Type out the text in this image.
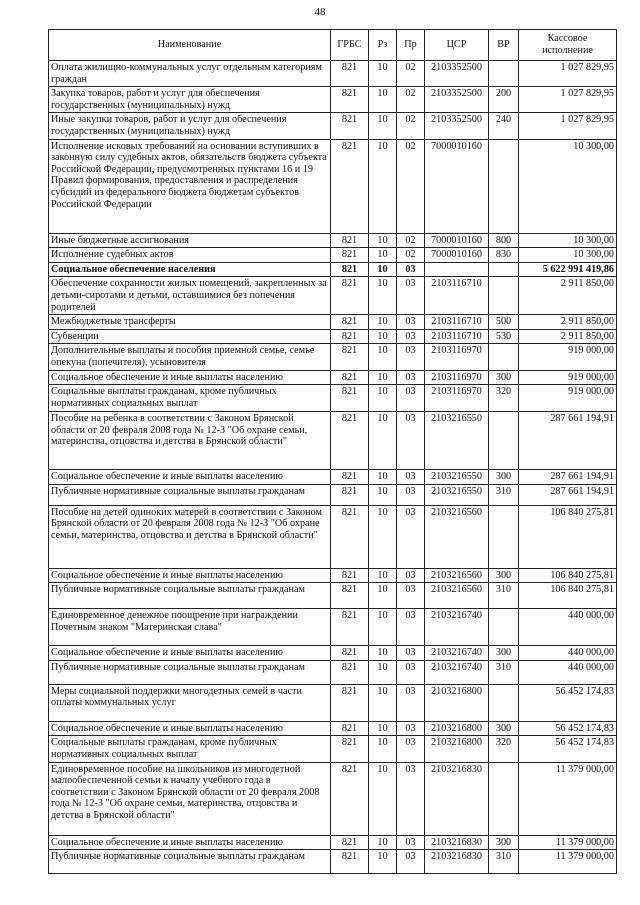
48
Наименование	ГРБС	Рз	Пр	ЦСР	ВР	Кассовое исполнение
Оплата жилищно-коммунальных услуг отдельным категориям граждан	821	10	02	2103352500		1 027 829,95
Закупка товаров, работ и услуг для обеспечения государственных (муниципальных) нужд	821	10	02	2103352500	200	1 027 829,95
Иные закупки товаров, работ и услуг для обеспечения государственных (муниципальных) нужд	821	10	02	2103352500	240	1 027 829,95
Исполнение исковых требований на основании вступивших в законную силу судебных актов, обязательств бюджета субъекта Российской Федерации, предусмотренных пунктами 16 и 19 Правил формирования, предоставления и распределения субсидий из федерального бюджета бюджетам субъектов Российской Федерации	821	10	02	7000010160		10 300,00
Иные бюджетные ассигнования	821	10	02	7000010160	800	10 300,00
Исполнение судебных актов	821	10	02	7000010160	830	10 300,00
Социальное обеспечение населения	821	10	03			5 622 991 419,86
Обеспечение сохранности жилых помещений, закрепленных за детьми-сиротами и детьми, оставшимися без попечения родителей	821	10	03	2103116710		2 911 850,00
Межбюджетные трансферты	821	10	03	2103116710	500	2 911 850,00
Субвенции	821	10	03	2103116710	530	2 911 850,00
Дополнительные выплаты и пособия приемной семье, семье опекуна (попечителя), усыновителя	821	10	03	2103116970		919 000,00
Социальное обеспечение и иные выплаты населению	821	10	03	2103116970	300	919 000,00
Социальные выплаты гражданам, кроме публичных нормативных социальных выплат	821	10	03	2103116970	320	919 000,00
Пособие на ребенка в соответствии с Законом Брянской области от 20 февраля 2008 года № 12-З "Об охране семьи, материнства, отцовства и детства в Брянской области"	821	10	03	2103216550		287 661 194,91
Социальное обеспечение и иные выплаты населению	821	10	03	2103216550	300	287 661 194,91
Публичные нормативные социальные выплаты гражданам	821	10	03	2103216550	310	287 661 194,91
Пособие на детей одиноких матерей в соответствии с Законом Брянской области от 20 февраля 2008 года № 12-З "Об охране семьи, материнства, отцовства и детства в Брянской области"	821	10	03	2103216560		106 840 275,81
Социальное обеспечение и иные выплаты населению	821	10	03	2103216560	300	106 840 275,81
Публичные нормативные социальные выплаты гражданам	821	10	03	2103216560	310	106 840 275,81
Единовременное денежное поощрение при награждении Почетным знаком "Материнская слава"	821	10	03	2103216740		440 000,00
Социальное обеспечение и иные выплаты населению	821	10	03	2103216740	300	440 000,00
Публичные нормативные социальные выплаты гражданам	821	10	03	2103216740	310	440 000,00
Меры социальной поддержки многодетных семей в части оплаты коммунальных услуг	821	10	03	2103216800		56 452 174,83
Социальное обеспечение и иные выплаты населению	821	10	03	2103216800	300	56 452 174,83
Социальные выплаты гражданам, кроме публичных нормативных социальных выплат	821	10	03	2103216800	320	56 452 174,83
Единовременное пособие на школьников из многодетной малообеспеченной семьи к началу учебного года в соответствии с Законом Брянской области от 20 февраля 2008 года № 12-З "Об охране семьи, материнства, отцовства и детства в Брянской области"	821	10	03	2103216830		11 379 000,00
Социальное обеспечение и иные выплаты населению	821	10	03	2103216830	300	11 379 000,00
Публичные нормативные социальные выплаты гражданам	821	10	03	2103216830	310	11 379 000,00
